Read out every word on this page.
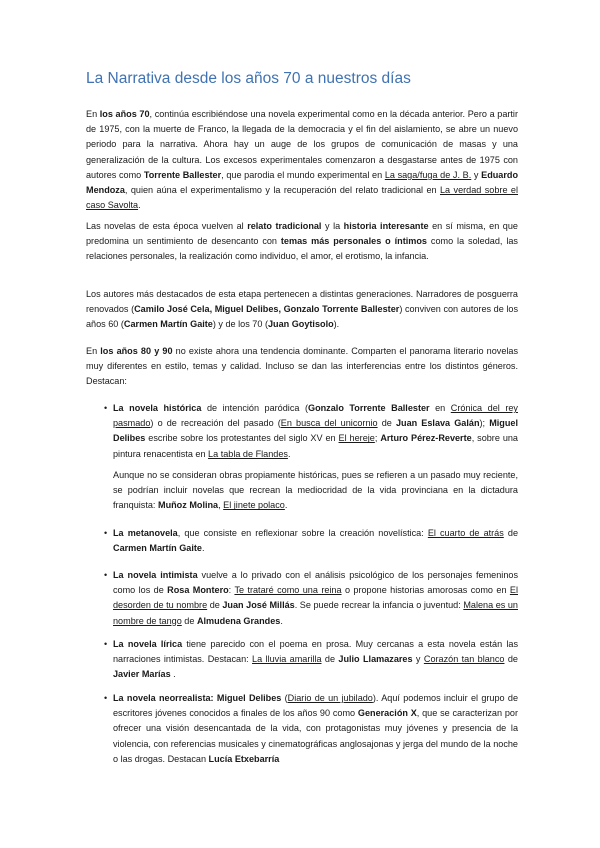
La Narrativa desde los años 70 a nuestros días

En los años 70, continúa escribiéndose una novela experimental como en la década anterior. Pero a partir de 1975, con la muerte de Franco, la llegada de la democracia y el fin del aislamiento, se abre un nuevo periodo para la narrativa. Ahora hay un auge de los grupos de comunicación de masas y una generalización de la cultura. Los excesos experimentales comenzaron a desgastarse antes de 1975 con autores como Torrente Ballester, que parodia el mundo experimental en La saga/fuga de J. B. y Eduardo Mendoza, quien aúna el experimentalismo y la recuperación del relato tradicional en La verdad sobre el caso Savolta.

Las novelas de esta época vuelven al relato tradicional y la historia interesante en sí misma, en que predomina un sentimiento de desencanto con temas más personales o íntimos como la soledad, las relaciones personales, la realización como individuo, el amor, el erotismo, la infancia.

Los autores más destacados de esta etapa pertenecen a distintas generaciones. Narradores de posguerra renovados (Camilo José Cela, Miguel Delibes, Gonzalo Torrente Ballester) conviven con autores de los años 60 (Carmen Martín Gaite) y de los 70 (Juan Goytisolo).

En los años 80 y 90 no existe ahora una tendencia dominante. Comparten el panorama literario novelas muy diferentes en estilo, temas y calidad. Incluso se dan las interferencias entre los distintos géneros. Destacan:

• La novela histórica de intención paródica (Gonzalo Torrente Ballester en Crónica del rey pasmado) o de recreación del pasado (En busca del unicornio de Juan Eslava Galán); Miguel Delibes escribe sobre los protestantes del siglo XV en El hereje; Arturo Pérez-Reverte, sobre una pintura renacentista en La tabla de Flandes.

Aunque no se consideran obras propiamente históricas, pues se refieren a un pasado muy reciente, se podrían incluir novelas que recrean la mediocridad de la vida provinciana en la dictadura franquista: Muñoz Molina, El jinete polaco.

• La metanovela, que consiste en reflexionar sobre la creación novelística: El cuarto de atrás de Carmen Martín Gaite.

• La novela intimista vuelve a lo privado con el análisis psicológico de los personajes femeninos como los de Rosa Montero: Te trataré como una reina o propone historias amorosas como en El desorden de tu nombre de Juan José Millás. Se puede recrear la infancia o juventud: Malena es un nombre de tango de Almudena Grandes.

• La novela lírica tiene parecido con el poema en prosa. Muy cercanas a esta novela están las narraciones intimistas. Destacan: La lluvia amarilla de Julio Llamazares y Corazón tan blanco de Javier Marías .

• La novela neorrealista: Miguel Delibes (Diario de un jubilado). Aquí podemos incluir el grupo de escritores jóvenes conocidos a finales de los años 90 como Generación X, que se caracterizan por ofrecer una visión desencantada de la vida, con protagonistas muy jóvenes y presencia de la violencia, con referencias musicales y cinematográficas anglosajonas y jerga del mundo de la noche o las drogas. Destacan Lucía Etxebarría
